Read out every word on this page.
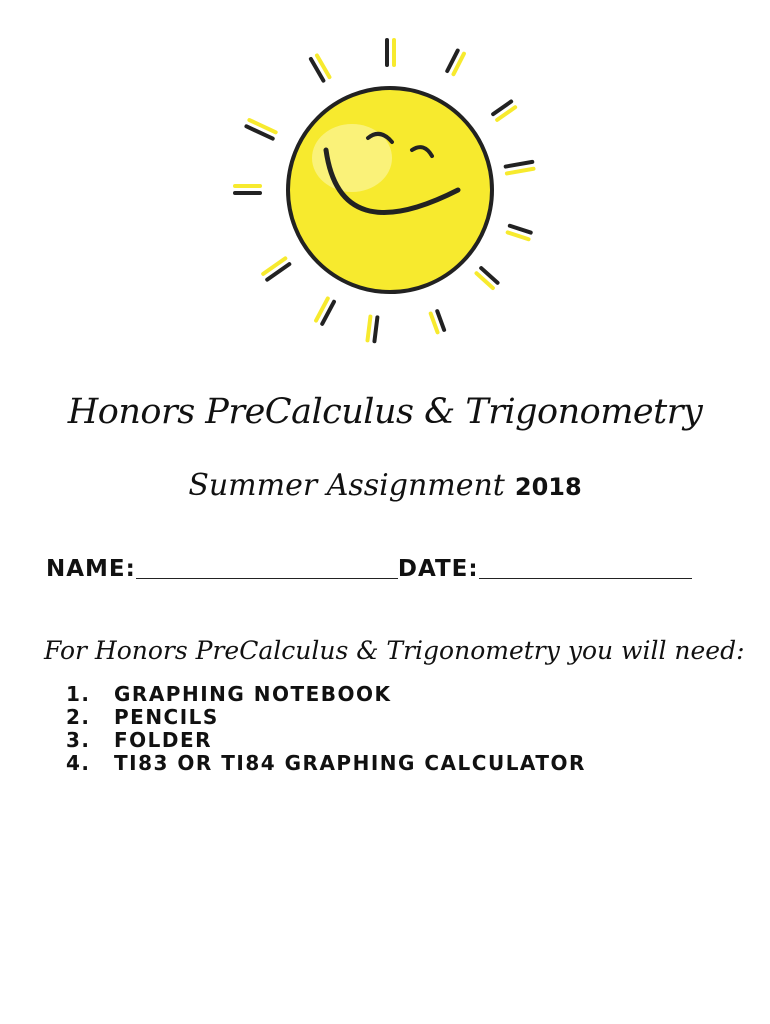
Honors PreCalculus & Trigonometry
Summer Assignment 2018
NAME:	DATE:
For Honors PreCalculus & Trigonometry you will need:
1.	GRAPHING NOTEBOOK
2.	PENCILS
3.	FOLDER
4.	TI83 OR TI84 GRAPHING CALCULATOR
